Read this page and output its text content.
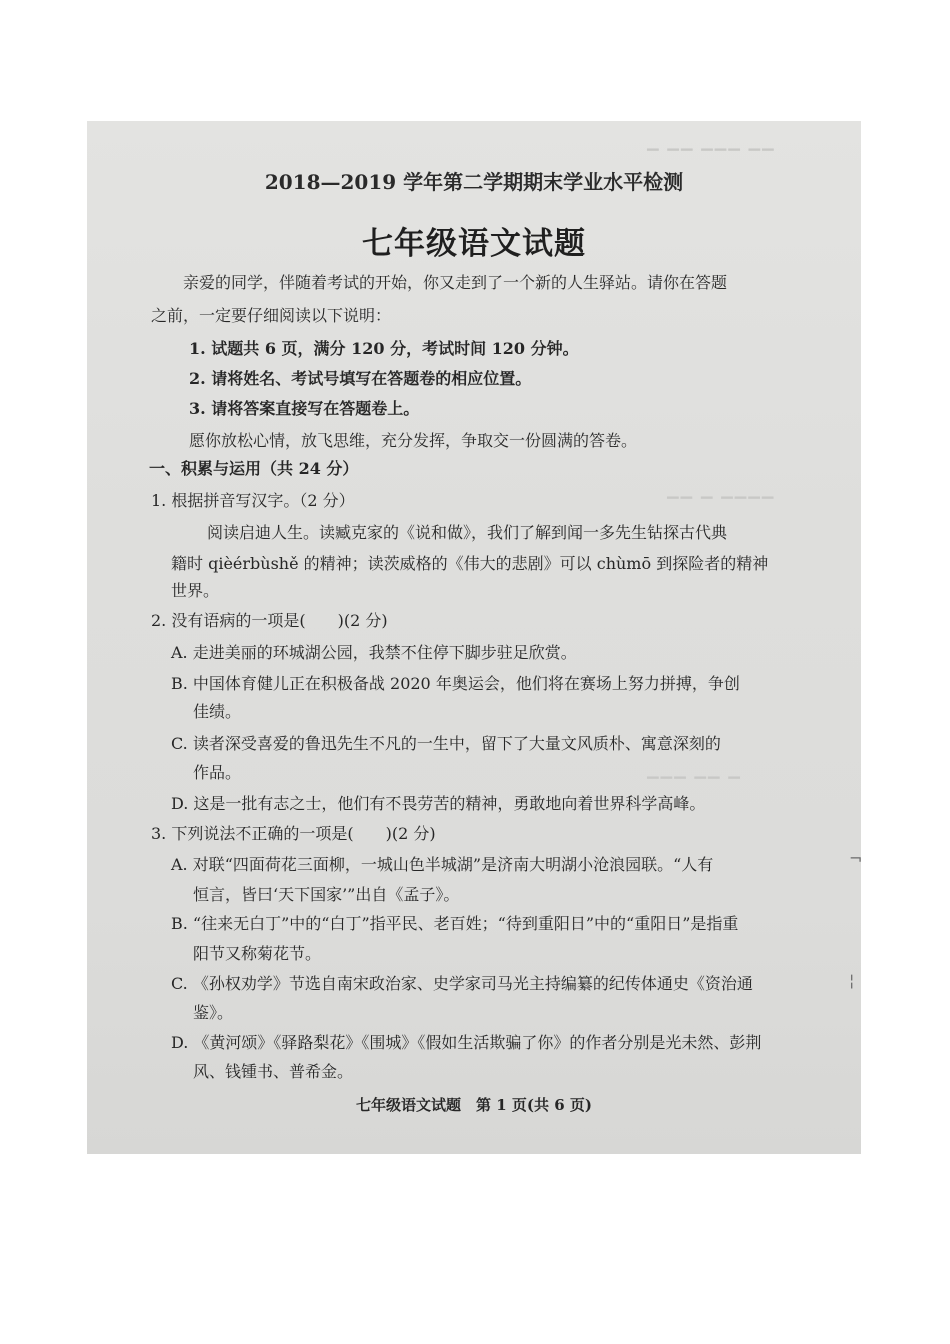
▁ ▁▁ ▁▁▁ ▁▁
▁▁ ▁ ▁▁▁▁
▁▁▁ ▁▁ ▁
¬
¦
2018—2019 学年第二学期期末学业水平检测
七年级语文试题
亲爱的同学，伴随着考试的开始，你又走到了一个新的人生驿站。请你在答题
之前，一定要仔细阅读以下说明：
1. 试题共 6 页，满分 120 分，考试时间 120 分钟。
2. 请将姓名、考试号填写在答题卷的相应位置。
3. 请将答案直接写在答题卷上。
愿你放松心情，放飞思维，充分发挥，争取交一份圆满的答卷。
一、积累与运用（共 24 分）
1. 根据拼音写汉字。（2 分）
阅读启迪人生。读臧克家的《说和做》，我们了解到闻一多先生钻探古代典
籍时 qièérbùshě 的精神；读茨威格的《伟大的悲剧》可以 chùmō 到探险者的精神
世界。
2. 没有语病的一项是(　　)(2 分)
A. 走进美丽的环城湖公园，我禁不住停下脚步驻足欣赏。
B. 中国体育健儿正在积极备战 2020 年奥运会，他们将在赛场上努力拼搏，争创
佳绩。
C. 读者深受喜爱的鲁迅先生不凡的一生中，留下了大量文风质朴、寓意深刻的
作品。
D. 这是一批有志之士，他们有不畏劳苦的精神，勇敢地向着世界科学高峰。
3. 下列说法不正确的一项是(　　)(2 分)
A. 对联“四面荷花三面柳，一城山色半城湖”是济南大明湖小沧浪园联。“人有
恒言，皆曰‘天下国家’”出自《孟子》。
B. “往来无白丁”中的“白丁”指平民、老百姓；“待到重阳日”中的“重阳日”是指重
阳节又称菊花节。
C. 《孙权劝学》节选自南宋政治家、史学家司马光主持编纂的纪传体通史《资治通
鉴》。
D. 《黄河颂》《驿路梨花》《围城》《假如生活欺骗了你》的作者分别是光未然、彭荆
风、钱锺书、普希金。
七年级语文试题　第 1 页(共 6 页)
